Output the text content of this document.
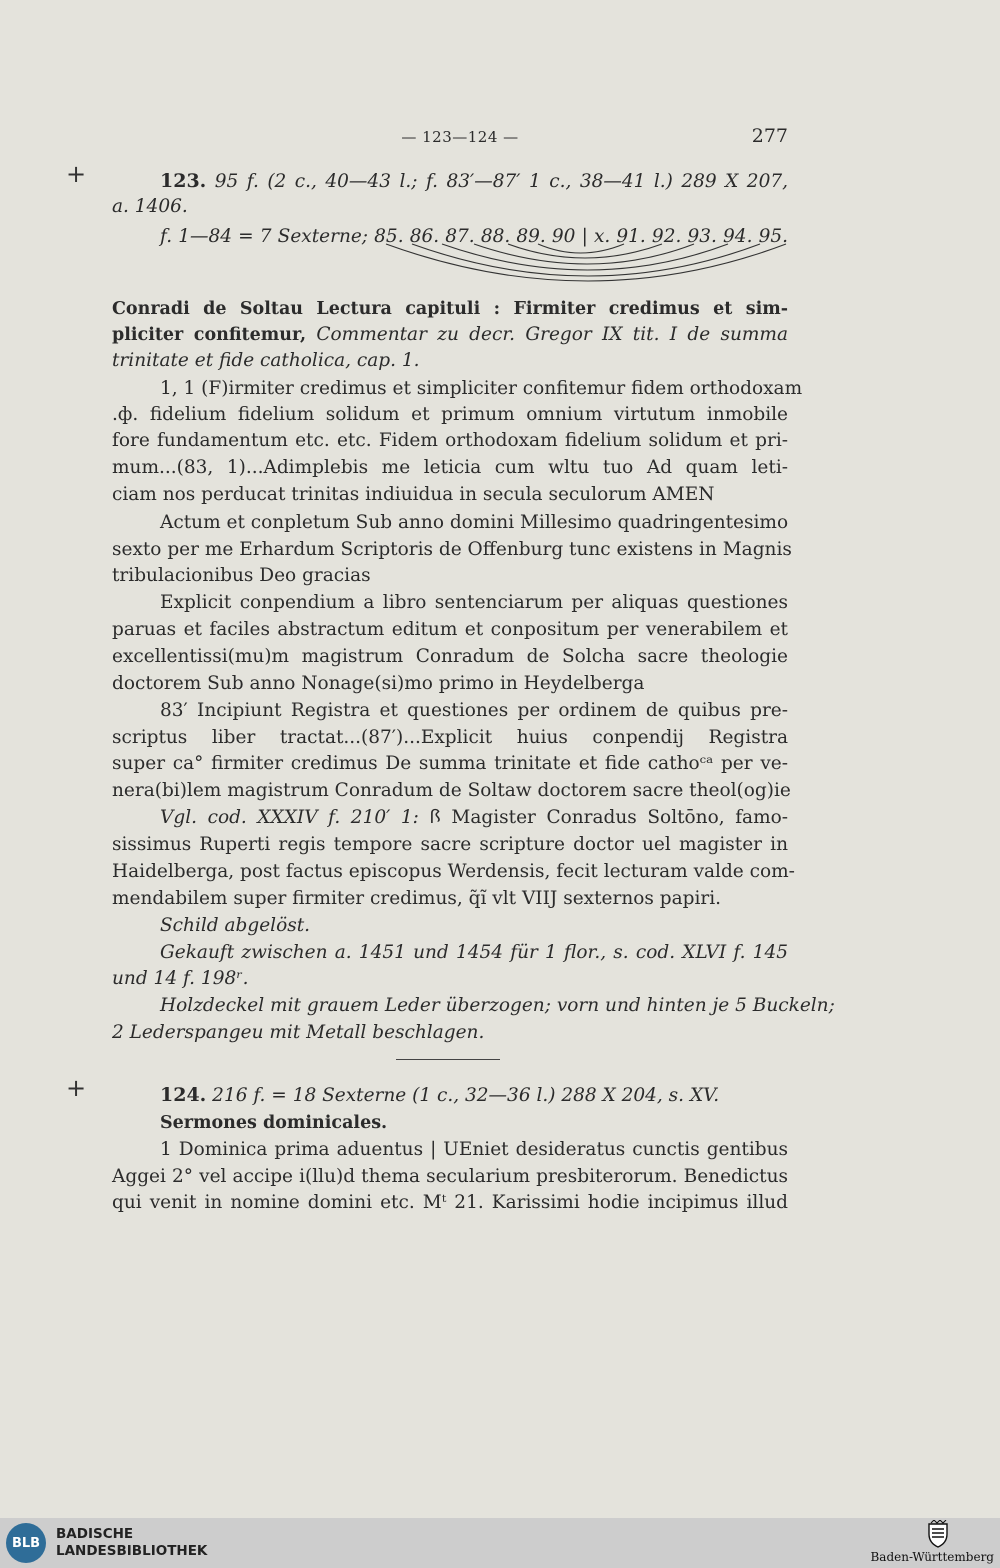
— 123—124 —	277
+	123. 95 f. (2 c., 40—43 l.; f. 83′—87′ 1 c., 38—41 l.) 289 X 207,
a. 1406.
f. 1—84 = 7 Sexterne; 85. 86. 87. 88. 89. 90 | x. 91. 92. 93. 94. 95.
Conradi de Soltau Lectura capituli : Firmiter credimus et sim-
pliciter confitemur, Commentar zu decr. Gregor IX tit. I de summa
trinitate et fide catholica, cap. 1.
1, 1 (F)irmiter credimus et simpliciter confitemur fidem orthodoxam
.ф. fidelium fidelium solidum et primum omnium virtutum inmobile
fore fundamentum etc. etc. Fidem orthodoxam fidelium solidum et pri-
mum...(83, 1)...Adimplebis me leticia cum wltu tuo Ad quam leti-
ciam nos perducat trinitas indiuidua in secula seculorum AMEN
Actum et conpletum Sub anno domini Millesimo quadringentesimo
sexto per me Erhardum Scriptoris de Offenburg tunc existens in Magnis
tribulacionibus Deo gracias
Explicit conpendium a libro sentenciarum per aliquas questiones
paruas et faciles abstractum editum et conpositum per venerabilem et
excellentissi(mu)m magistrum Conradum de Solcha sacre theologie
doctorem Sub anno Nonage(si)mo primo in Heydelberga
83′ Incipiunt Registra et questiones per ordinem de quibus pre-
scriptus liber tractat...(87′)...Explicit huius conpendij Registra
super ca° firmiter credimus De summa trinitate et fide cathoᶜᵃ per ve-
nera(bi)lem magistrum Conradum de Soltaw doctorem sacre theol(og)ie
Vgl. cod. XXXIV f. 210′ 1: ꟗ Magister Conradus Soltōno, famo-
sissimus Ruperti regis tempore sacre scripture doctor uel magister in
Haidelberga, post factus episcopus Werdensis, fecit lecturam valde com-
mendabilem super firmiter credimus, q̃ĩ vlt VIIJ sexternos papiri.
Schild abgelöst.
Gekauft zwischen a. 1451 und 1454 für 1 flor., s. cod. XLVI f. 145
und 14 f. 198ʳ.
Holzdeckel mit grauem Leder überzogen; vorn und hinten je 5 Buckeln;
2 Lederspangeu mit Metall beschlagen.
+	124. 216 f. = 18 Sexterne (1 c., 32—36 l.) 288 X 204, s. XV.
Sermones dominicales.
1 Dominica prima aduentus | UEniet desideratus cunctis gentibus
Aggei 2° vel accipe i(llu)d thema secularium presbiterorum. Benedictus
qui venit in nomine domini etc. Mᵗ 21. Karissimi hodie incipimus illud
BLB
BADISCHE
LANDESBIBLIOTHEK	Baden-Württemberg
